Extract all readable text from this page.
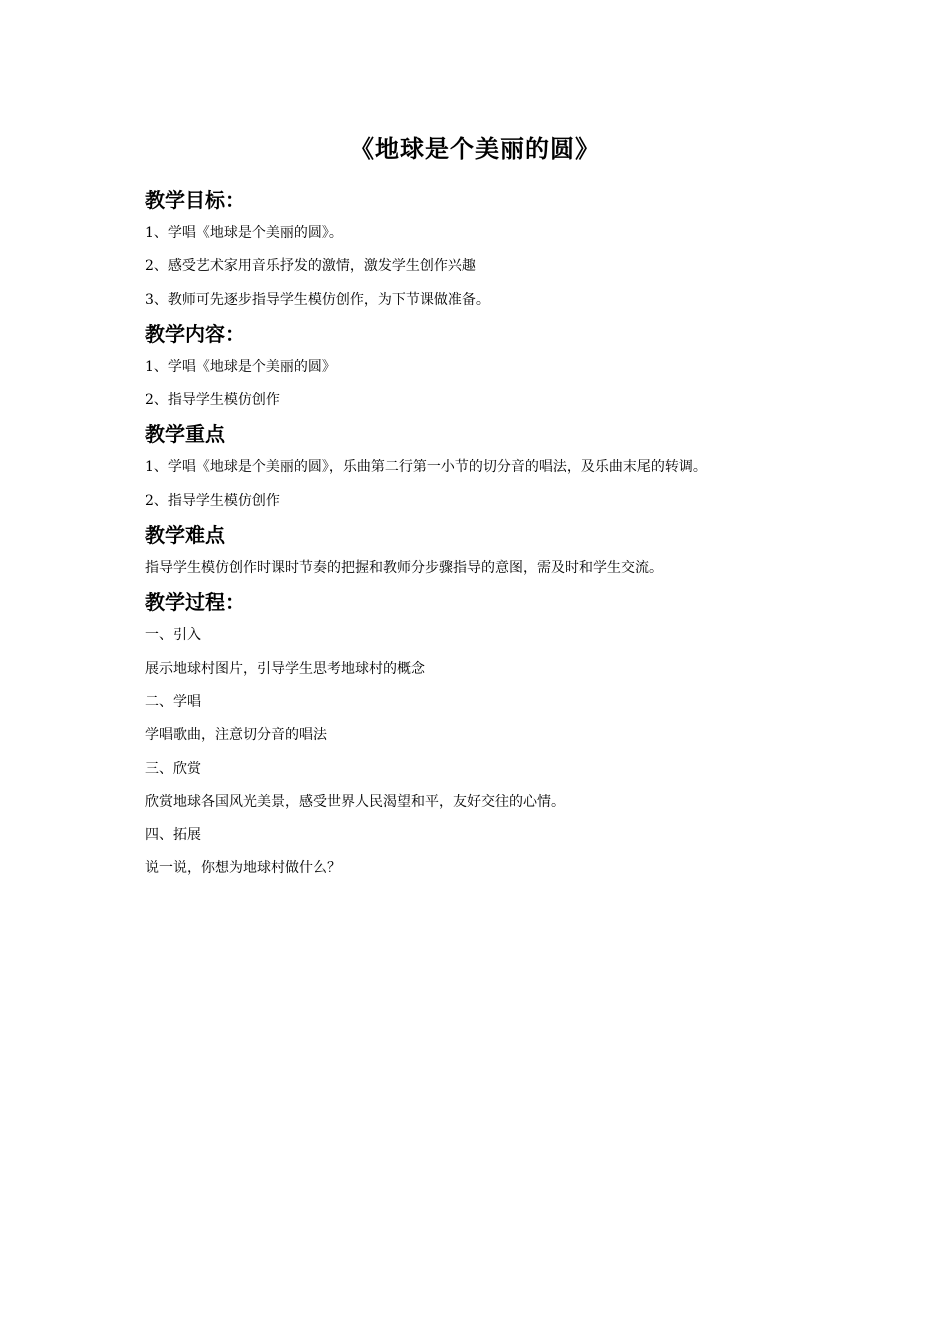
《地球是个美丽的圆》
教学目标：

1、学唱《地球是个美丽的圆》。

2、感受艺术家用音乐抒发的激情，激发学生创作兴趣

3、教师可先逐步指导学生模仿创作，为下节课做准备。

教学内容：

1、学唱《地球是个美丽的圆》

2、指导学生模仿创作

教学重点

1、学唱《地球是个美丽的圆》，乐曲第二行第一小节的切分音的唱法，及乐曲末尾的转调。

2、指导学生模仿创作

教学难点

指导学生模仿创作时课时节奏的把握和教师分步骤指导的意图，需及时和学生交流。

教学过程：

一、引入

展示地球村图片，引导学生思考地球村的概念

二、学唱

学唱歌曲，注意切分音的唱法

三、欣赏

欣赏地球各国风光美景，感受世界人民渴望和平，友好交往的心情。

四、拓展

说一说，你想为地球村做什么？
